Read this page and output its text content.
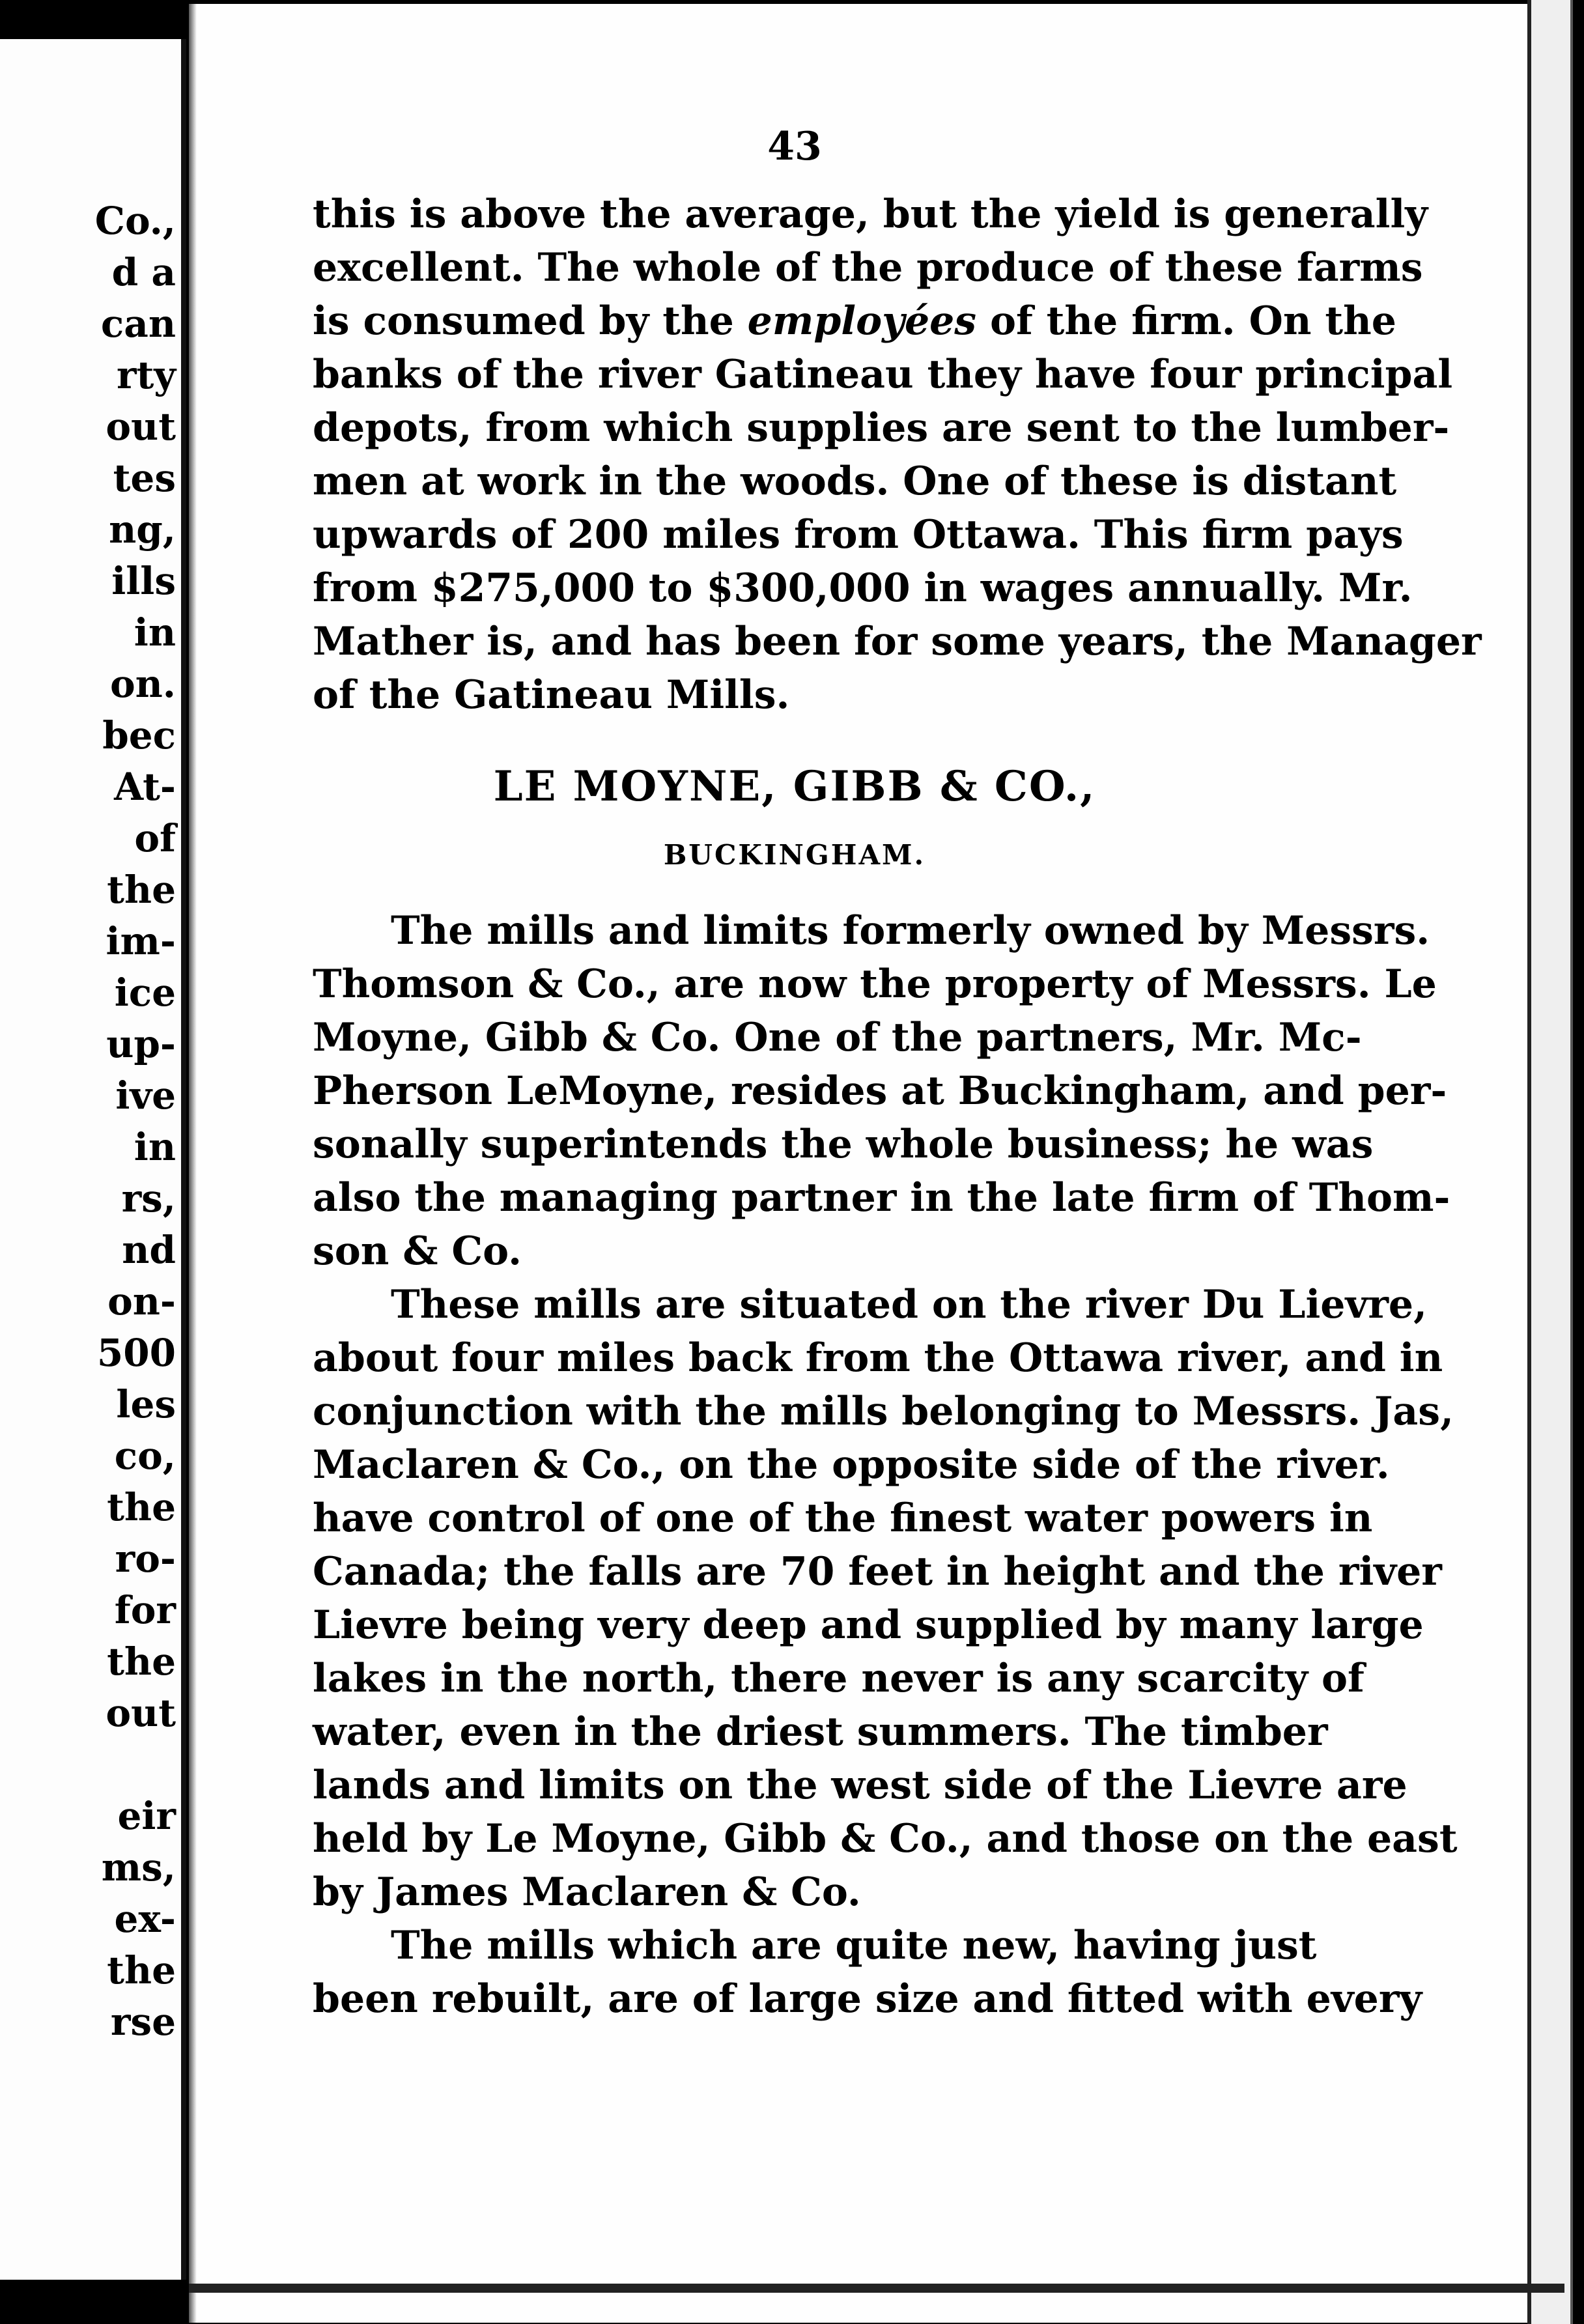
Co.,
d a
can
rty
out
tes
ng,
ills
in
on.
bec
At-
of
the
im-
ice
up-
ive
in
rs,
nd
on-
500
les
co,
the
ro-
for
the
out
eir
ms,
ex-
the
rse
43
this is above the average, but the yield is generally
excellent. The whole of the produce of these farms
is consumed by the employées of the firm. On the
banks of the river Gatineau they have four principal
depots, from which supplies are sent to the lumber-
men at work in the woods. One of these is distant
upwards of 200 miles from Ottawa. This firm pays
from $275,000 to $300,000 in wages annually. Mr.
Mather is, and has been for some years, the Manager
of the Gatineau Mills.
LE MOYNE, GIBB & CO.,
BUCKINGHAM.
The mills and limits formerly owned by Messrs.
Thomson & Co., are now the property of Messrs. Le
Moyne, Gibb & Co. One of the partners, Mr. Mc-
Pherson LeMoyne, resides at Buckingham, and per-
sonally superintends the whole business; he was
also the managing partner in the late firm of Thom-
son & Co.
These mills are situated on the river Du Lievre,
about four miles back from the Ottawa river, and in
conjunction with the mills belonging to Messrs. Jas,
Maclaren & Co., on the opposite side of the river.
have control of one of the finest water powers in
Canada; the falls are 70 feet in height and the river
Lievre being very deep and supplied by many large
lakes in the north, there never is any scarcity of
water, even in the driest summers. The timber
lands and limits on the west side of the Lievre are
held by Le Moyne, Gibb & Co., and those on the east
by James Maclaren & Co.
The mills which are quite new, having just
been rebuilt, are of large size and fitted with every
